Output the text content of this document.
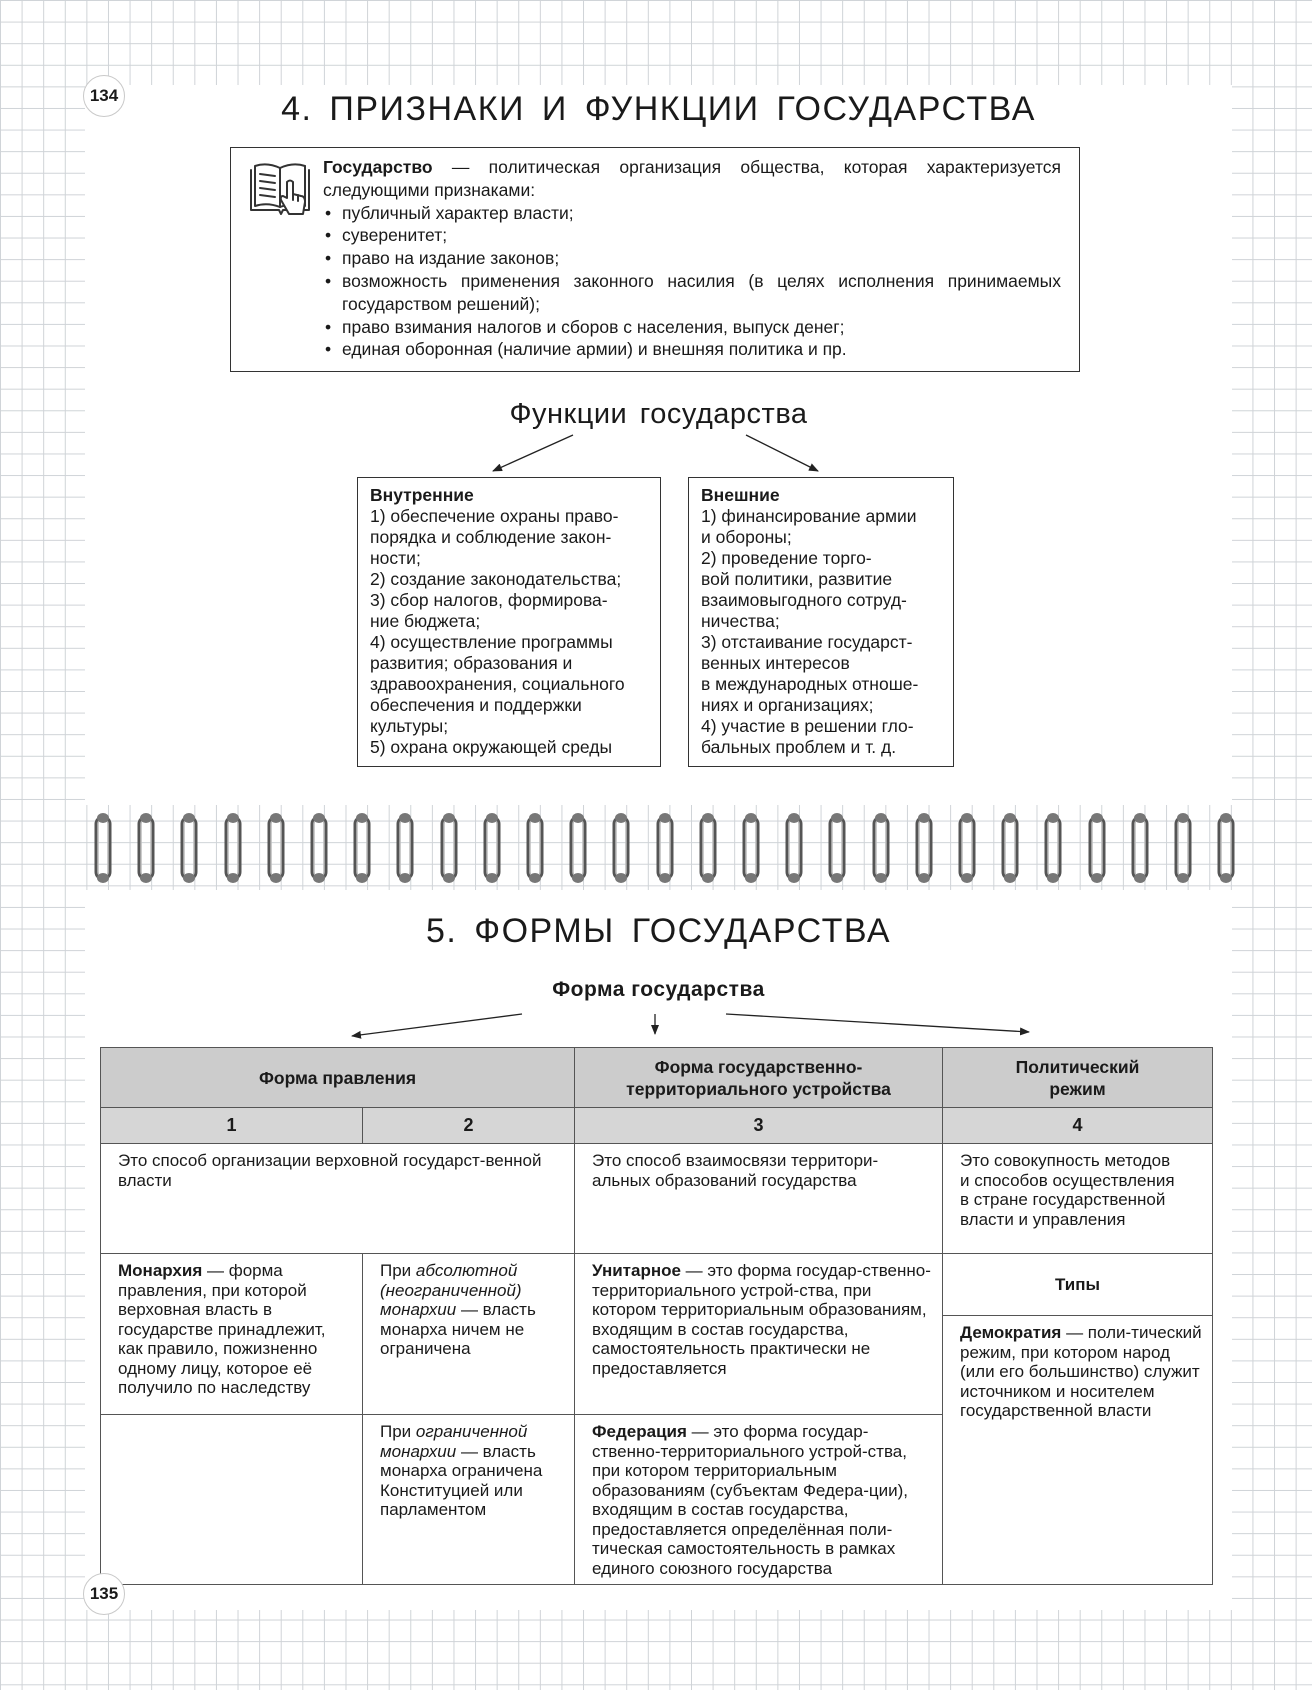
134
135
4. ПРИЗНАКИ И ФУНКЦИИ ГОСУДАРСТВА
Государство — политическая организация общества, которая характеризуется следующими признаками:
• публичный характер власти;
• суверенитет;
• право на издание законов;
• возможность применения законного насилия (в целях исполнения принимаемых государством решений);
• право взимания налогов и сборов с населения, выпуск денег;
• единая оборонная (наличие армии) и внешняя политика и пр.
Функции государства
Внутренние
1) обеспечение охраны право-
порядка и соблюдение закон-
ности;
2) создание законодательства;
3) сбор налогов, формирова-
ние бюджета;
4) осуществление программы
развития; образования и
здравоохранения, социального
обеспечения и поддержки
культуры;
5) охрана окружающей среды
Внешние
1) финансирование армии
и обороны;
2) проведение торго-
вой политики, развитие
взаимовыгодного сотруд-
ничества;
3) отстаивание государст-
венных интересов
в международных отноше-
ниях и организациях;
4) участие в решении гло-
бальных проблем и т. д.
5. ФОРМЫ ГОСУДАРСТВА
Форма государства
Форма правления		Форма государственно-территориального устройства	Политический режим
1	2	3	4
Это способ организации верховной государст-венной власти		Это способ взаимосвязи территори-альных образований государства	Это совокупность методов и способов осуществления в стране государственной власти и управления
Монархия — форма правления, при которой верховная власть в государстве принадлежит, как правило, пожизненно одному лицу, которое её получило по наследству	При абсолютной (неограниченной) монархии — власть монарха ничем не ограничена	Унитарное — это форма государ-ственно-территориального устрой-ства, при котором территориальным образованиям, входящим в состав государства, самостоятельность практически не предоставляется	Типы
			Демократия — поли-тический режим, при котором народ (или его большинство) служит источником и носителем государственной власти
	При ограниченной монархии — власть монарха ограничена Конституцией или парламентом	Федерация — это форма государ-ственно-территориального устрой-ства, при котором территориальным образованиям (субъектам Федера-ции), входящим в состав государства, предоставляется определённая поли-тическая самостоятельность в рамках единого союзного государства	
